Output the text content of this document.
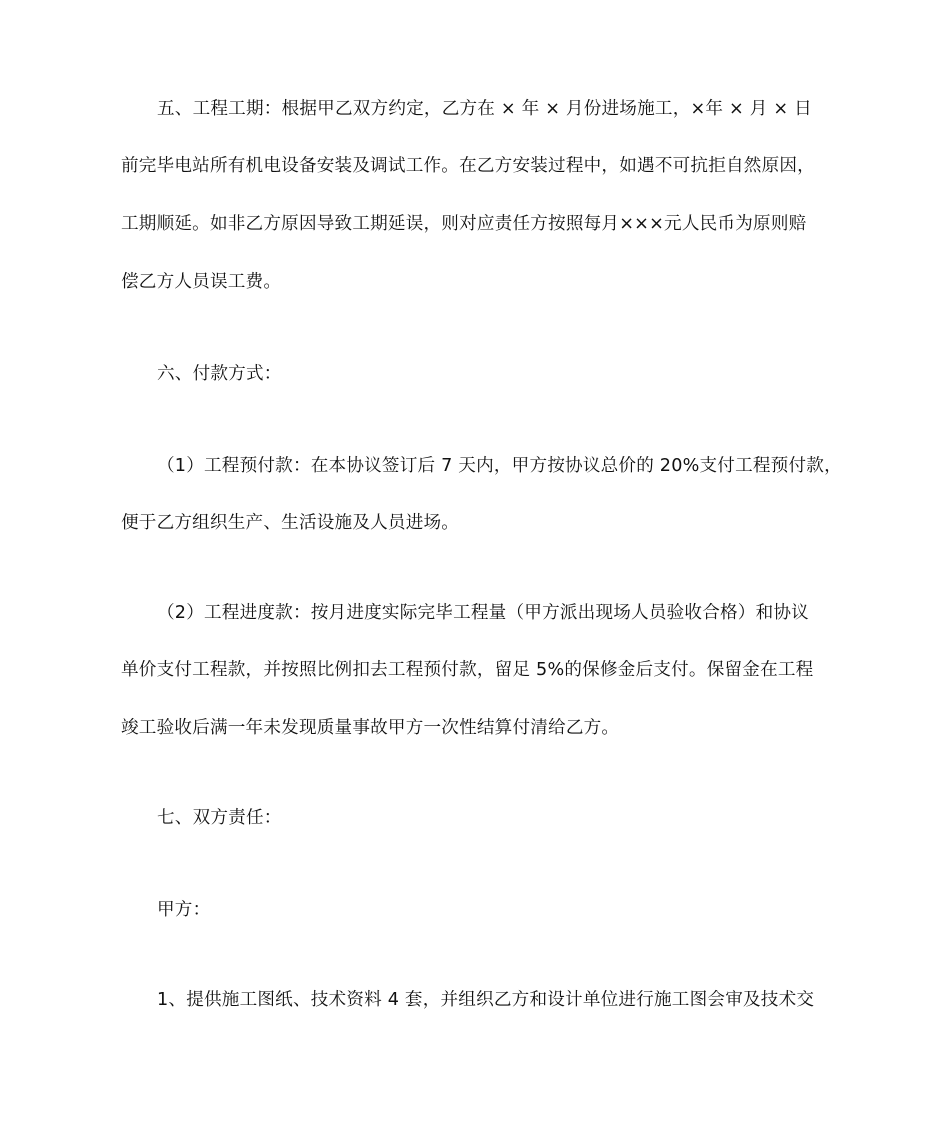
五、工程工期：根据甲乙双方约定，乙方在 × 年 × 月份进场施工，×年 × 月 × 日
前完毕电站所有机电设备安装及调试工作。在乙方安装过程中，如遇不可抗拒自然原因，
工期顺延。如非乙方原因导致工期延误，则对应责任方按照每月×××元人民币为原则赔
偿乙方人员误工费。
六、付款方式：
（1）工程预付款：在本协议签订后 7 天内，甲方按协议总价的 20%支付工程预付款，
便于乙方组织生产、生活设施及人员进场。
（2）工程进度款：按月进度实际完毕工程量（甲方派出现场人员验收合格）和协议
单价支付工程款，并按照比例扣去工程预付款，留足 5%的保修金后支付。保留金在工程
竣工验收后满一年未发现质量事故甲方一次性结算付清给乙方。
七、双方责任：
甲方：
1、提供施工图纸、技术资料 4 套，并组织乙方和设计单位进行施工图会审及技术交
